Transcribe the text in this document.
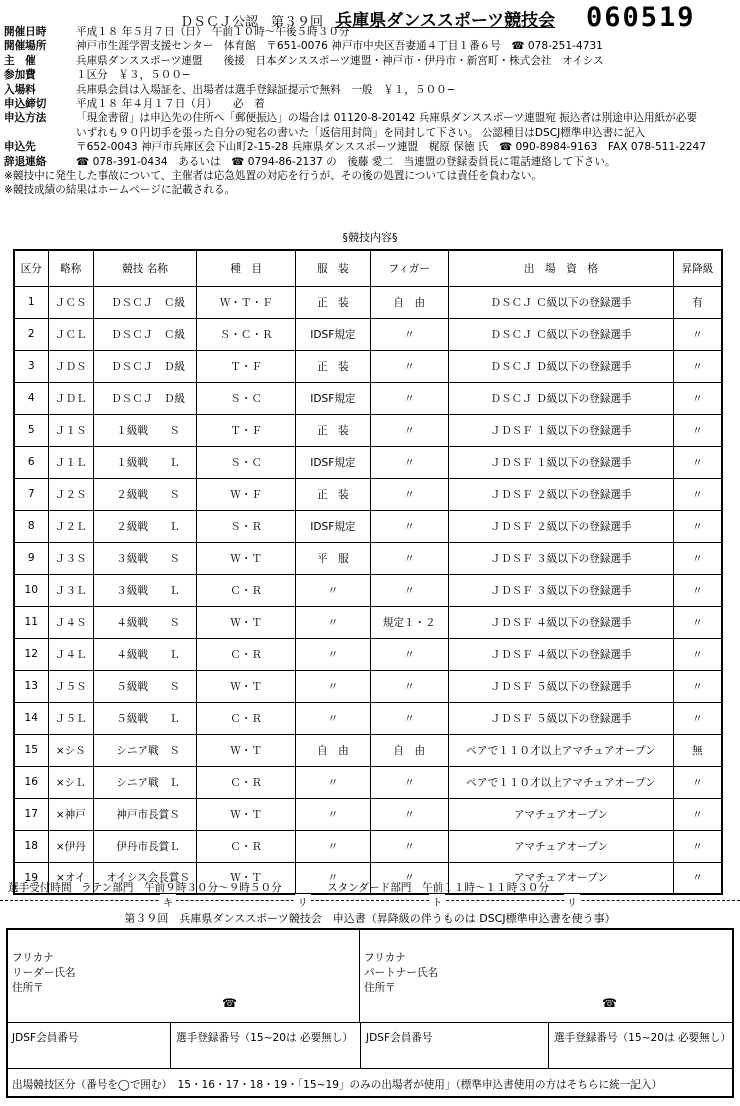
ＤＳＣＪ公認　第３９回 兵庫県ダンススポーツ競技会 060519
開催日時	平成１８ 年５月７日（日）　午前１０時〜午後５時３０分
開催場所	神戸市生涯学習支援センター　体育館　〒651-0076 神戸市中央区吾妻通４丁目１番６号　☎ 078-251-4731
主　催	兵庫県ダンススポーツ連盟　　後援　日本ダンススポーツ連盟・神戸市・伊丹市・新宮町・株式会社　オイシス
参加費	１区分　￥３，５００−
入場料	兵庫県会員は入場証を、出場者は選手登録証提示で無料　一般　￥１，５００−
申込締切	平成１８ 年４月１７日（月）　　必　着
申込方法	「現金書留」は申込先の住所へ「郵便振込」の場合は 01120-8-20142 兵庫県ダンススポーツ連盟宛 振込者は別途申込用紙が必要
いずれも９０円切手を張った自分の宛名の書いた「返信用封筒」を同封して下さい。 公認種目はDSCJ標準申込書に記入
申込先	〒652-0043 神戸市兵庫区会下山町2-15-28 兵庫県ダンススポーツ連盟　梶原 保徳 氏　☎ 090-8984-9163　FAX 078-511-2247
辞退連絡	☎ 078-391-0434　あるいは　☎ 0794-86-2137 の　後藤 愛二　当連盟の登録委員長に電話連絡して下さい。
※競技中に発生した事故について、主催者は応急処置の対応を行うが、その後の処置については責任を負わない。
※競技成績の結果はホームページに記載される。
§競技内容§
区分	略称	競技 名称	種　目	服　装	フィガー	出　場　資　格	昇降級
1	ＪＣＳ	ＤＳＣＪ　Ｃ級	Ｗ・Ｔ・Ｆ	正　装	自　由	ＤＳＣＪ Ｃ級以下の登録選手	有
2	ＪＣＬ	ＤＳＣＪ　Ｃ級	Ｓ・Ｃ・Ｒ	IDSF規定	〃	ＤＳＣＪ Ｃ級以下の登録選手	〃
3	ＪＤＳ	ＤＳＣＪ　Ｄ級	Ｔ・Ｆ	正　装	〃	ＤＳＣＪ Ｄ級以下の登録選手	〃
4	ＪＤＬ	ＤＳＣＪ　Ｄ級	Ｓ・Ｃ	IDSF規定	〃	ＤＳＣＪ Ｄ級以下の登録選手	〃
5	Ｊ１Ｓ	１級戦　　Ｓ	Ｔ・Ｆ	正　装	〃	ＪＤＳＦ １級以下の登録選手	〃
6	Ｊ１Ｌ	１級戦　　Ｌ	Ｓ・Ｃ	IDSF規定	〃	ＪＤＳＦ １級以下の登録選手	〃
7	Ｊ２Ｓ	２級戦　　Ｓ	Ｗ・Ｆ	正　装	〃	ＪＤＳＦ ２級以下の登録選手	〃
8	Ｊ２Ｌ	２級戦　　Ｌ	Ｓ・Ｒ	IDSF規定	〃	ＪＤＳＦ ２級以下の登録選手	〃
9	Ｊ３Ｓ	３級戦　　Ｓ	Ｗ・Ｔ	平　服	〃	ＪＤＳＦ ３級以下の登録選手	〃
10	Ｊ３Ｌ	３級戦　　Ｌ	Ｃ・Ｒ	〃	〃	ＪＤＳＦ ３級以下の登録選手	〃
11	Ｊ４Ｓ	４級戦　　Ｓ	Ｗ・Ｔ	〃	規定１・２	ＪＤＳＦ ４級以下の登録選手	〃
12	Ｊ４Ｌ	４級戦　　Ｌ	Ｃ・Ｒ	〃	〃	ＪＤＳＦ ４級以下の登録選手	〃
13	Ｊ５Ｓ	５級戦　　Ｓ	Ｗ・Ｔ	〃	〃	ＪＤＳＦ ５級以下の登録選手	〃
14	Ｊ５Ｌ	５級戦　　Ｌ	Ｃ・Ｒ	〃	〃	ＪＤＳＦ ５級以下の登録選手	〃
15	×シＳ	シニア戦　Ｓ	Ｗ・Ｔ	自　由	自　由	ペアで１１０才以上アマチュアオープン	無
16	×シＬ	シニア戦　Ｌ	Ｃ・Ｒ	〃	〃	ペアで１１０才以上アマチュアオープン	〃
17	×神戸	神戸市長賞Ｓ	Ｗ・Ｔ	〃	〃	アマチュアオープン	〃
18	×伊丹	伊丹市長賞Ｌ	Ｃ・Ｒ	〃	〃	アマチュアオープン	〃
19	×オイ	オイシス会長賞Ｓ	Ｗ・Ｔ	〃	〃	アマチュアオープン	〃
選手受付時間 ラテン部門　午前９時３０分〜９時５０分	スタンダード部門　午前１１時〜１１時３０分
キ	リ	ト	リ
第３９回　兵庫県ダンススポーツ競技会　申込書（昇降級の伴うものは DSCJ標準申込書を使う事）
フリカナ
リーダー氏名
住所〒
☎
フリカナ
パートナー氏名
住所〒
☎
JDSF会員番号	選手登録番号（15~20は 必要無し） JDSF会員番号	選手登録番号（15~20は 必要無し）
出場競技区分（番号を◯で囲む）　15・16・17・18・19・「15~19」のみの出場者が使用」（標準申込書使用の方はそちらに統一記入）
